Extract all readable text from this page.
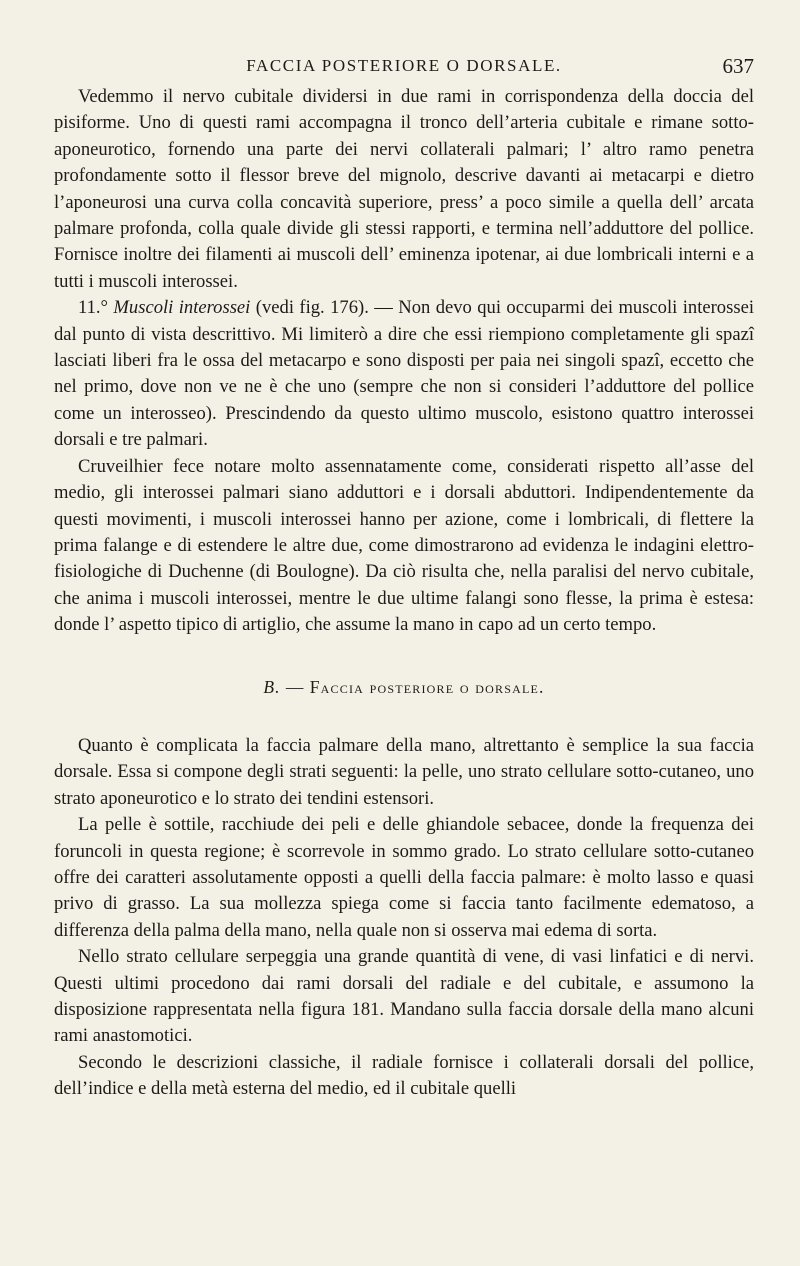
FACCIA POSTERIORE O DORSALE.	637

Vedemmo il nervo cubitale dividersi in due rami in corrispondenza della doccia del pisiforme. Uno di questi rami accompagna il tronco dell’arteria cubitale e rimane sotto-aponeurotico, fornendo una parte dei nervi collaterali palmari; l’ altro ramo penetra profondamente sotto il flessor breve del mignolo, descrive davanti ai metacarpi e dietro l’aponeurosi una curva colla concavità superiore, press’ a poco simile a quella dell’ arcata palmare profonda, colla quale divide gli stessi rapporti, e termina nell’adduttore del pollice. Fornisce inoltre dei filamenti ai muscoli dell’ eminenza ipotenar, ai due lombricali interni e a tutti i muscoli interossei.

11.° Muscoli interossei (vedi fig. 176). — Non devo qui occuparmi dei muscoli interossei dal punto di vista descrittivo. Mi limiterò a dire che essi riempiono completamente gli spazî lasciati liberi fra le ossa del metacarpo e sono disposti per paia nei singoli spazî, eccetto che nel primo, dove non ve ne è che uno (sempre che non si consideri l’adduttore del pollice come un interosseo). Prescindendo da questo ultimo muscolo, esistono quattro interossei dorsali e tre palmari.

Cruveilhier fece notare molto assennatamente come, considerati rispetto all’asse del medio, gli interossei palmari siano adduttori e i dorsali abduttori. Indipendentemente da questi movimenti, i muscoli interossei hanno per azione, come i lombricali, di flettere la prima falange e di estendere le altre due, come dimostrarono ad evidenza le indagini elettro-fisiologiche di Duchenne (di Boulogne). Da ciò risulta che, nella paralisi del nervo cubitale, che anima i muscoli interossei, mentre le due ultime falangi sono flesse, la prima è estesa: donde l’ aspetto tipico di artiglio, che assume la mano in capo ad un certo tempo.

B. — Faccia posteriore o dorsale.

Quanto è complicata la faccia palmare della mano, altrettanto è semplice la sua faccia dorsale. Essa si compone degli strati seguenti: la pelle, uno strato cellulare sotto-cutaneo, uno strato aponeurotico e lo strato dei tendini estensori.

La pelle è sottile, racchiude dei peli e delle ghiandole sebacee, donde la frequenza dei foruncoli in questa regione; è scorrevole in sommo grado. Lo strato cellulare sotto-cutaneo offre dei caratteri assolutamente opposti a quelli della faccia palmare: è molto lasso e quasi privo di grasso. La sua mollezza spiega come si faccia tanto facilmente edematoso, a differenza della palma della mano, nella quale non si osserva mai edema di sorta.

Nello strato cellulare serpeggia una grande quantità di vene, di vasi linfatici e di nervi. Questi ultimi procedono dai rami dorsali del radiale e del cubitale, e assumono la disposizione rappresentata nella figura 181. Mandano sulla faccia dorsale della mano alcuni rami anastomotici.

Secondo le descrizioni classiche, il radiale fornisce i collaterali dorsali del pollice, dell’indice e della metà esterna del medio, ed il cubitale quelli
